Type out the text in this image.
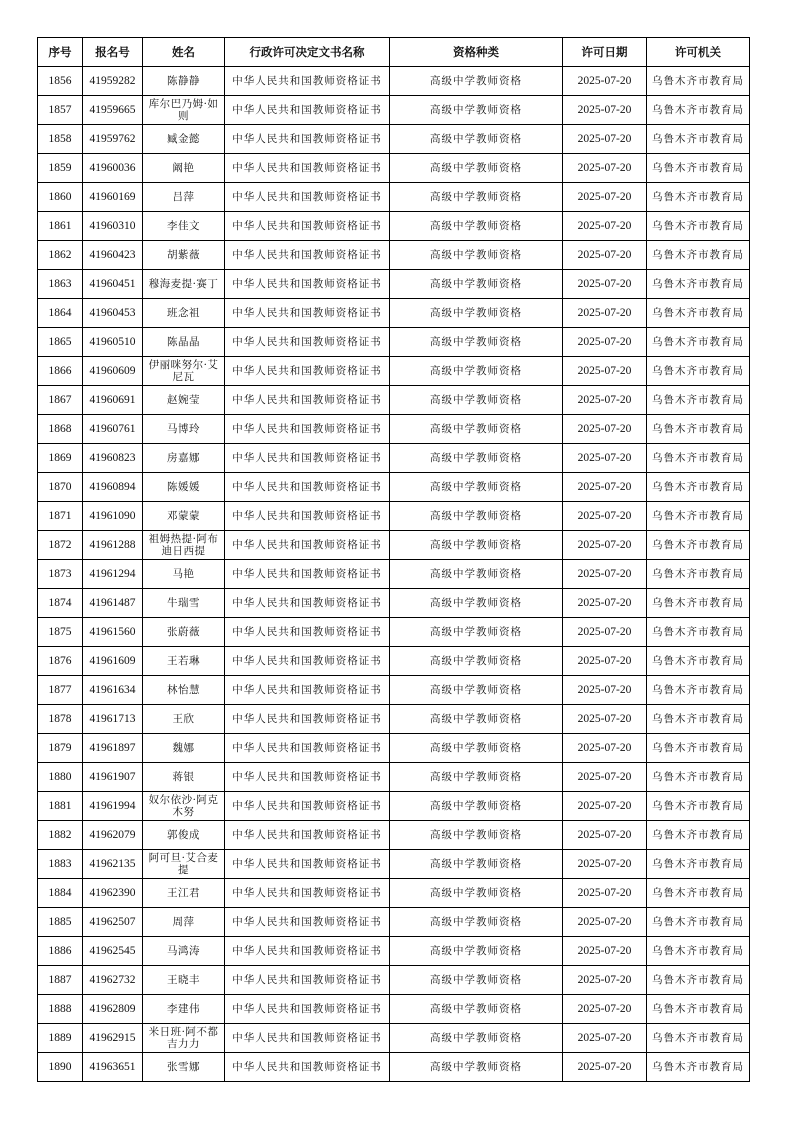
序号	报名号	姓名	行政许可决定文书名称	资格种类	许可日期	许可机关
1856	41959282	陈静静	中华人民共和国教师资格证书	高级中学教师资格	2025-07-20	乌鲁木齐市教育局
1857	41959665	库尔巴乃姆·如则	中华人民共和国教师资格证书	高级中学教师资格	2025-07-20	乌鲁木齐市教育局
1858	41959762	臧金懿	中华人民共和国教师资格证书	高级中学教师资格	2025-07-20	乌鲁木齐市教育局
1859	41960036	阚艳	中华人民共和国教师资格证书	高级中学教师资格	2025-07-20	乌鲁木齐市教育局
1860	41960169	吕萍	中华人民共和国教师资格证书	高级中学教师资格	2025-07-20	乌鲁木齐市教育局
1861	41960310	李佳文	中华人民共和国教师资格证书	高级中学教师资格	2025-07-20	乌鲁木齐市教育局
1862	41960423	胡紫薇	中华人民共和国教师资格证书	高级中学教师资格	2025-07-20	乌鲁木齐市教育局
1863	41960451	穆海麦提·赛丁	中华人民共和国教师资格证书	高级中学教师资格	2025-07-20	乌鲁木齐市教育局
1864	41960453	班念祖	中华人民共和国教师资格证书	高级中学教师资格	2025-07-20	乌鲁木齐市教育局
1865	41960510	陈晶晶	中华人民共和国教师资格证书	高级中学教师资格	2025-07-20	乌鲁木齐市教育局
1866	41960609	伊丽咪努尔·艾尼瓦	中华人民共和国教师资格证书	高级中学教师资格	2025-07-20	乌鲁木齐市教育局
1867	41960691	赵婉莹	中华人民共和国教师资格证书	高级中学教师资格	2025-07-20	乌鲁木齐市教育局
1868	41960761	马博玲	中华人民共和国教师资格证书	高级中学教师资格	2025-07-20	乌鲁木齐市教育局
1869	41960823	房嘉娜	中华人民共和国教师资格证书	高级中学教师资格	2025-07-20	乌鲁木齐市教育局
1870	41960894	陈媛媛	中华人民共和国教师资格证书	高级中学教师资格	2025-07-20	乌鲁木齐市教育局
1871	41961090	邓蒙蒙	中华人民共和国教师资格证书	高级中学教师资格	2025-07-20	乌鲁木齐市教育局
1872	41961288	祖姆热提·阿布迪日西提	中华人民共和国教师资格证书	高级中学教师资格	2025-07-20	乌鲁木齐市教育局
1873	41961294	马艳	中华人民共和国教师资格证书	高级中学教师资格	2025-07-20	乌鲁木齐市教育局
1874	41961487	牛瑞雪	中华人民共和国教师资格证书	高级中学教师资格	2025-07-20	乌鲁木齐市教育局
1875	41961560	张蔚薇	中华人民共和国教师资格证书	高级中学教师资格	2025-07-20	乌鲁木齐市教育局
1876	41961609	王若琳	中华人民共和国教师资格证书	高级中学教师资格	2025-07-20	乌鲁木齐市教育局
1877	41961634	林怡慧	中华人民共和国教师资格证书	高级中学教师资格	2025-07-20	乌鲁木齐市教育局
1878	41961713	王欣	中华人民共和国教师资格证书	高级中学教师资格	2025-07-20	乌鲁木齐市教育局
1879	41961897	魏娜	中华人民共和国教师资格证书	高级中学教师资格	2025-07-20	乌鲁木齐市教育局
1880	41961907	蒋银	中华人民共和国教师资格证书	高级中学教师资格	2025-07-20	乌鲁木齐市教育局
1881	41961994	奴尔依沙·阿克木努	中华人民共和国教师资格证书	高级中学教师资格	2025-07-20	乌鲁木齐市教育局
1882	41962079	郭俊成	中华人民共和国教师资格证书	高级中学教师资格	2025-07-20	乌鲁木齐市教育局
1883	41962135	阿可旦·艾合麦提	中华人民共和国教师资格证书	高级中学教师资格	2025-07-20	乌鲁木齐市教育局
1884	41962390	王江君	中华人民共和国教师资格证书	高级中学教师资格	2025-07-20	乌鲁木齐市教育局
1885	41962507	周萍	中华人民共和国教师资格证书	高级中学教师资格	2025-07-20	乌鲁木齐市教育局
1886	41962545	马鸿涛	中华人民共和国教师资格证书	高级中学教师资格	2025-07-20	乌鲁木齐市教育局
1887	41962732	王晓丰	中华人民共和国教师资格证书	高级中学教师资格	2025-07-20	乌鲁木齐市教育局
1888	41962809	李建伟	中华人民共和国教师资格证书	高级中学教师资格	2025-07-20	乌鲁木齐市教育局
1889	41962915	米日班·阿不都吉力力	中华人民共和国教师资格证书	高级中学教师资格	2025-07-20	乌鲁木齐市教育局
1890	41963651	张雪娜	中华人民共和国教师资格证书	高级中学教师资格	2025-07-20	乌鲁木齐市教育局
